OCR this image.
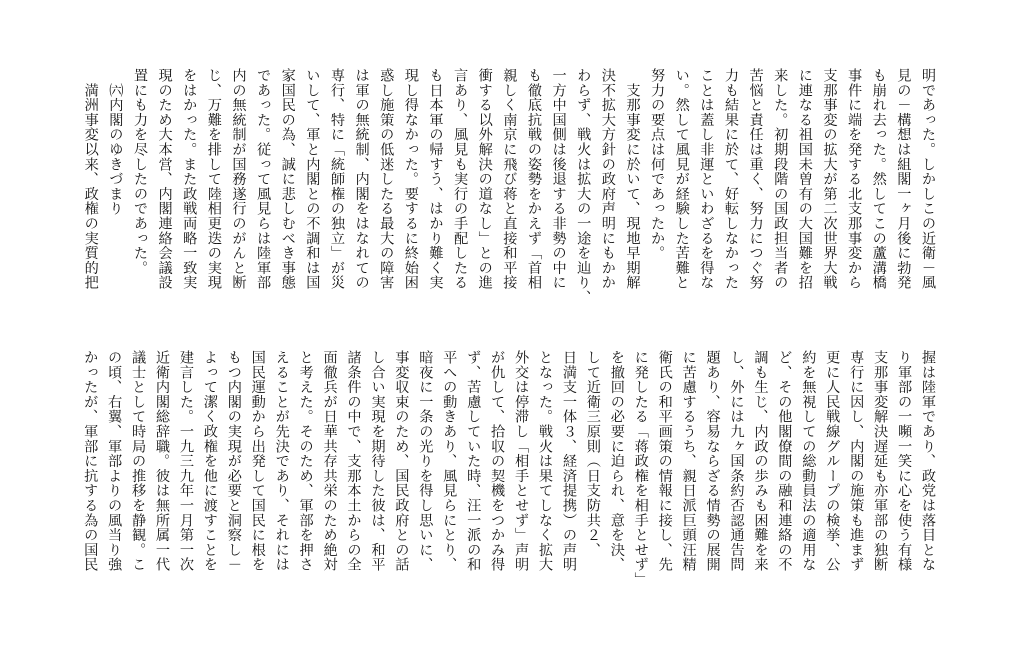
明であった。しかしこの近衛－風
見の－構想は組閣一ヶ月後に勃発
も崩れ去った。然してこの蘆溝橋
事件に端を発する北支那事変から
支那事変の拡大が第二次世界大戦
に連なる祖国未曽有の大国難を招
来した。初期段階の国政担当者の
苦悩と責任は重く、努力につぐ努
力も結果に於て、好転しなかった
ことは蓋し非運といわざるを得な
い。然して風見が経験した苦難と
努力の要点は何であったか。
　支那事変に於いて、現地早期解
決不拡大方針の政府声明にもかか
わらず、戦火は拡大の一途を辿り、
一方中国側は後退する非勢の中に
も徹底抗戦の姿勢をかえず「首相
親しく南京に飛び蒋と直接和平接
衝する以外解決の道なし」との進
言あり、風見も実行の手配したる
も日本軍の帰すう、はかり難く実
現し得なかった。要するに終始困
惑し施策の低迷したる最大の障害
は軍の無統制、内閣をはなれての
専行、特に「統師権の独立」が災
いして、軍と内閣との不調和は国
家国民の為、誠に悲しむべき事態
であった。従って風見らは陸軍部
内の無統制が国務遂行のがんと断
じ、万難を排して陸相更迭の実現
をはかった。また政戦両略一致実
現のため大本営、内閣連絡会議設
置にも力を尽したのであった。
　㈥内閣のゆきづまり
　満洲事変以来、政権の実質的把
握は陸軍であり、政党は落目とな
り軍部の一嚬一笑に心を使う有様
支那事変解決遅延も亦軍部の独断
専行に因し、内閣の施策も進まず
更に人民戦線グループの検挙、公
約を無視しての総動員法の適用な
ど、その他閣僚間の融和連絡の不
調も生じ、内政の歩みも困難を来
し、外には九ヶ国条約否認通告問
題あり、容易ならざる情勢の展開
に苦慮するうち、親日派巨頭汪精
衛氏の和平画策の情報に接し、先
に発したる「蒋政権を相手とせず」
を撤回の必要に迫られ、意を決、
して近衛三原則（日支防共２、
日満支一体３、経済提携）の声明
となった。戦火は果てしなく拡大
外交は停滞し「相手とせず」声明
が仇して、拾収の契機をつかみ得
ず、苦慮していた時、汪一派の和
平への動きあり、風見らにとり、
暗夜に一条の光りを得し思いに、
事変収束のため、国民政府との話
し合い実現を期待した彼は、和平
諸条件の中で、支那本土からの全
面徹兵が日華共存共栄のため絶対
と考えた。そのため、軍部を押さ
えることが先決であり、それには
国民運動から出発して国民に根を
もつ内閣の実現が必要と洞察し－
よって潔く政権を他に渡すことを
建言した。一九三九年一月第一次
近衛内閣総辞職。彼は無所属一代
議士として時局の推移を静観。こ
の頃、右翼、軍部よりの風当り強
かったが、軍部に抗する為の国民
